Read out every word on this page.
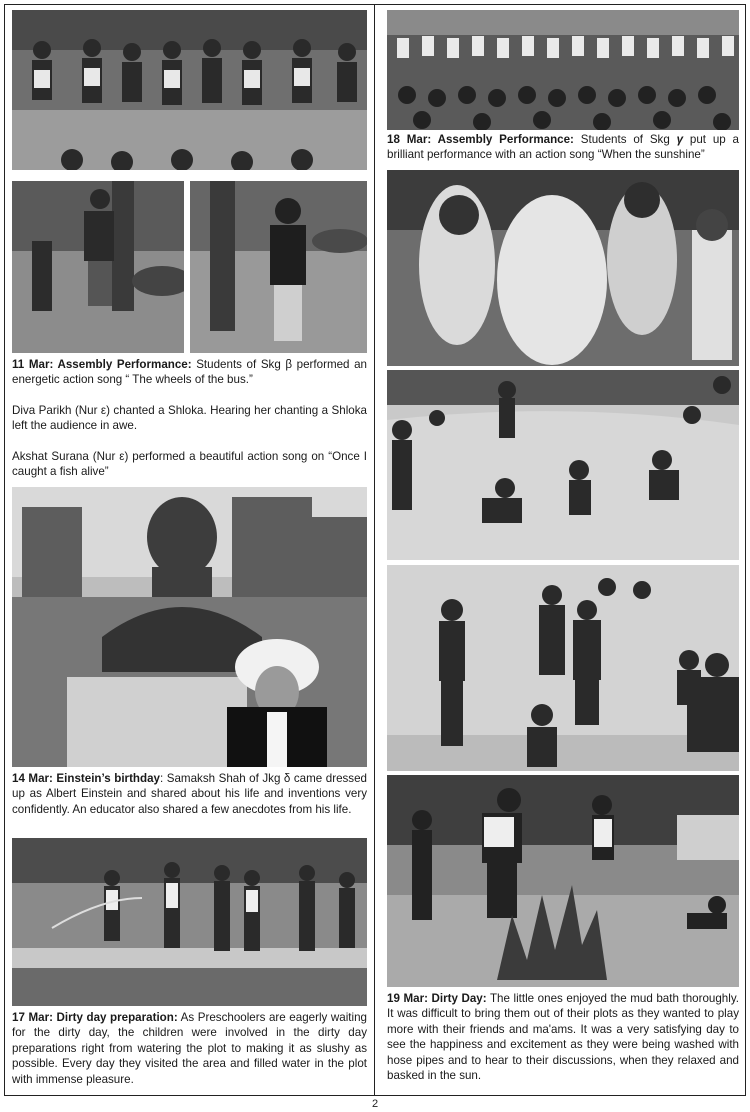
11 Mar: Assembly Performance: Students of Skg β performed an energetic action song “ The wheels of the bus.”

Diva Parikh (Nur ε) chanted a Shloka. Hearing her chanting a Shloka left the audience in awe.

Akshat Surana (Nur ε) performed a beautiful action song on “Once I caught a fish alive”

14 Mar: Einstein’s birthday: Samaksh Shah of Jkg δ came dressed up as Albert Einstein and shared about his life and inventions very confidently. An educator also shared a few anecdotes from his life.

17 Mar: Dirty day preparation: As Preschoolers are eagerly waiting for the dirty day, the children were involved in the dirty day preparations right from watering the plot to making it as slushy as possible. Every day they visited the area and filled water in the plot with immense pleasure.

18 Mar: Assembly Performance: Students of Skg γ put up a brilliant performance with an action song “When the sunshine”

19 Mar: Dirty Day: The little ones enjoyed the mud bath thoroughly. It was difficult to bring them out of their plots as they wanted to play more with their friends and ma'ams. It was a very satisfying day to see the happiness and excitement as they were being washed with hose pipes and to hear to their discussions, when they relaxed and basked in the sun.

2
